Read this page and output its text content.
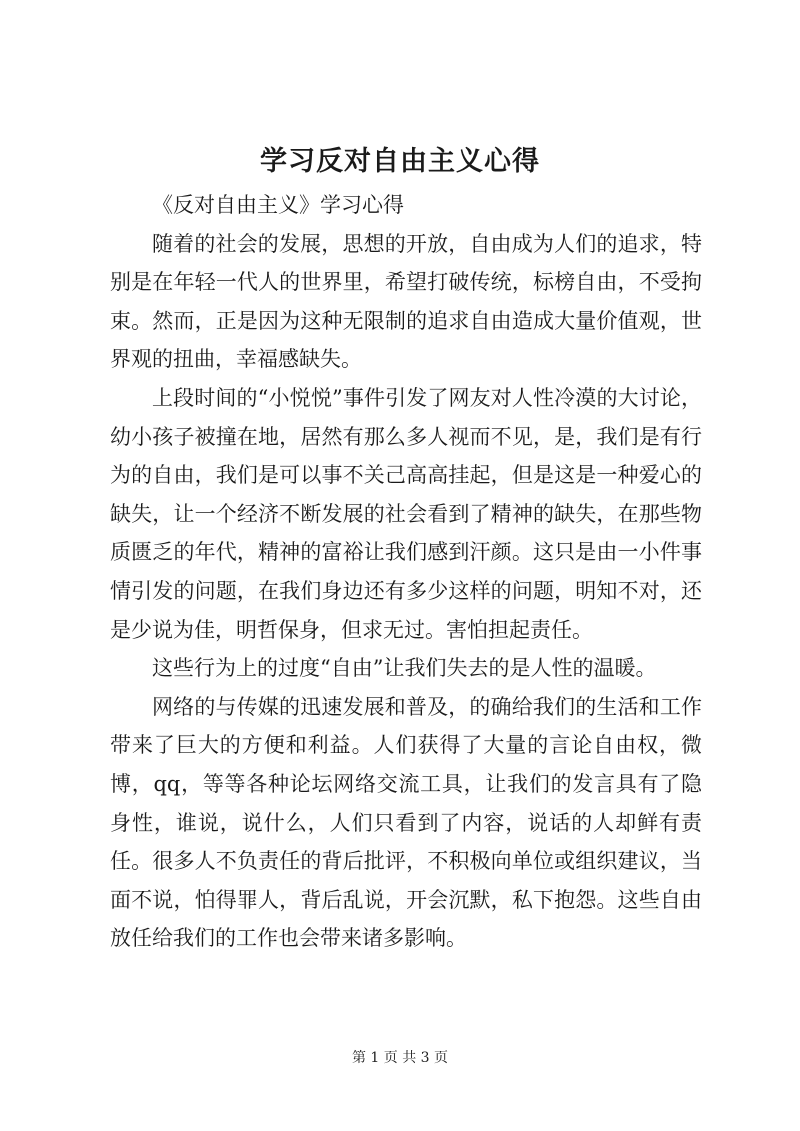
学习反对自由主义心得

《反对自由主义》学习心得

随着的社会的发展，思想的开放，自由成为人们的追求，特别是在年轻一代人的世界里，希望打破传统，标榜自由，不受拘束。然而，正是因为这种无限制的追求自由造成大量价值观，世界观的扭曲，幸福感缺失。

上段时间的“小悦悦”事件引发了网友对人性冷漠的大讨论，幼小孩子被撞在地，居然有那么多人视而不见，是，我们是有行为的自由，我们是可以事不关己高高挂起，但是这是一种爱心的缺失，让一个经济不断发展的社会看到了精神的缺失，在那些物质匮乏的年代，精神的富裕让我们感到汗颜。这只是由一小件事情引发的问题，在我们身边还有多少这样的问题，明知不对，还是少说为佳，明哲保身，但求无过。害怕担起责任。

这些行为上的过度“自由”让我们失去的是人性的温暖。

网络的与传媒的迅速发展和普及，的确给我们的生活和工作带来了巨大的方便和利益。人们获得了大量的言论自由权，微博，qq，等等各种论坛网络交流工具，让我们的发言具有了隐身性，谁说，说什么，人们只看到了内容，说话的人却鲜有责任。很多人不负责任的背后批评，不积极向单位或组织建议，当面不说，怕得罪人，背后乱说，开会沉默，私下抱怨。这些自由放任给我们的工作也会带来诸多影响。

第 1 页 共 3 页
